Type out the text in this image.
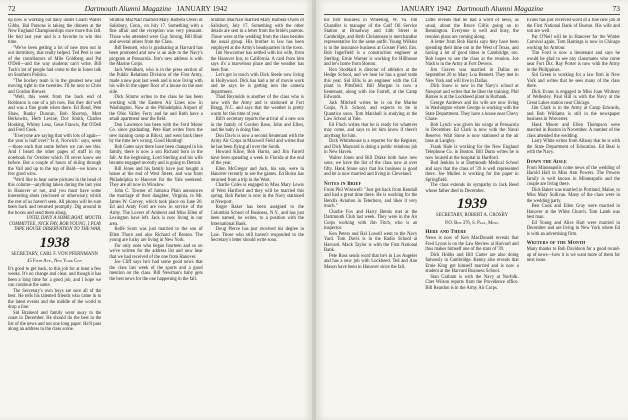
72	Dartmouth Alumni Magazine JANUARY 1942

up now is working out daily under Coach Waller Gibbs. Hal Parsons is taking the dinners at the New England Championships once more this fall. He tied last year and is a favorite to win this time.

"We've been getting a lot of new men out in our dormitory, that really helped. Ted Peel is one of the contributors of Mile Goldberg and Pat O'Dell—and the way students can't write. Bill Tuck's lot of people had come to the in Jones talk on Southern Politics.

"The hockey team is in the greatest new and moving right in the twenties. I'll be next to Chris and Gordon Brewer.

"Well, this week from the back end of Robinson is one of a job now. But they did well and was a fine grade when there. Ed Bond, Pete Shaw, Bunky Duncan, Bob Shorrop, Mort Berkowitz, Herb Levine, Doc Smith, Charles Hosking, Whitey Lenz, Gene Francis, Pat O'Dell and Fred Cook.

"Everyone are saying that with lots of again—the year is half over? 'Is it, Norwich.' says, seem—those each that some before we can see this. And I heard the other pages of stuff in my notebook for October which I'll never know see before. But a couple of hours of skiing through the Vail and up to the top of Bald—we know a few good wins.

"We'd like to hear some pictures in the head of this column—anything taken during the last year in Hanover or not, and you must have some interesting shots (enclosed or otherwise); which the rest of us haven't seen. All photos will be sure been back and returned promptly. Dig around in the boxes and send them along.

UNTIL DAVY A SOME BOAT. MOUTH COMMITTEE, NICK FAY, BOB YOUNG, I PLAY TAPE HOUSE OBSERVATION TO THE WAR.

1938

SECRETARY, CARL F. VON PFERNMANN

45 Fifth Ave., New York City

It's good to get back, to this job for at least a few weeks. It's no change and clear, and though it has been a long time for a good job, and I hope we can continue the same.

The Secretary's own boys are sure all of the best. He tells his talented friends who came in to the latest events and the middle of the world to drop a line.

Sid Brainerd and family went away to the coast in December. He should do the best in the list of the news and not one long paper. He'll pass along an address to the class scene.

Stratton MacNair married Mary Barbera Owen of Salisbury, Conn., on July 17. Something with a fine affair and the reception was very pleasant. Those who attended were Guy Strong, Bill Blair and several others from the Class.

Bill Bennett, who is graduating at Harvard has been promoted and now is an aide in the Navy's program at Pensacola. Jim's new address is with the Marine Corps.

Jack Wendham, who is in the press section of the Public Relations Division of the First Army, made a new post last week and is now living with his wife in the upper floor of a house on the east side.

Dick Simms writes to the class he has been working with the Eastern Air Lines now in Washington. Now at the Philadelphia Airport of the Ohio Valley Ferry and he and Ruth have a small apartment near the field.

Don Lawrence has been with the Ford Motor Co. since graduating. Pete Hart writes from the new training camp at Biloxi, and went back there by the time he's wrong. Good Hunting!

Bob Gates says there have been changed in his family, there is now a son Richard born in the fall. At the beginning, Lord Sterling and his wife became engaged recently and is going to Detroit.

Bill Jones and his family have just bought a house at the end of West Street, and was from Philadelphia to Hanover for the Yale weekend. They are all now in Winslow.

John C. Towner of Jamaica Plain announces the marriage of their daughter, Virginia, to Mr. James W. Garvey, which took place on June 20. Ed and Andy Ford are now in service of the Army. The Lovers of Amherst and Miss Ellen of Lexington have left. Jack is now living in our area.

Rolfe Scott was just married to the son of Ellen Thorn and also Richard of Boston. The young are lucky are living in New York.

For only ones who began fourteen and so on we've written for the address list and now hear that we had received of the one from Hanover.

Joe Cliff says he's had some good news that the class last week of the sports and a good mention on the class. Bill Newman's baby gets the best news for the one happening in the fall.

Stratton MacNair married Mary Barbera Owen of Salisbury, July 17. Something with the other details are sent in a letter from the bride's parents. Those were at the wedding from the class besides the usual group. His brother in law has been employed at the Army's headquarters in the town.

Jim Newcomer has settled with his wife, from the Hanover Inn, to California. A card from him says it's a marvelous place and the weather has been fine.

Let's get in touch with Dick Steele now living in Hollywood. Dick has had a lot of movie work and he says he is getting into the camera department.

Thad Reynolds is another of the class who is now with the Army and is stationed at Fort Bragg, N.C. and says that the weather is pretty warm for this time of year.

Bill's secretary reports the arrival of a new son in the family of Gordon Rose, John and Ellen, and the baby is doing fine.

Don Davis is now a second lieutenant with the Army Air Corps at Maxwell Field and writes that he has been flying all over the South.

Howard Kline, Bob Harris, and Jim Farrell have been spending a week in Florida at the end of the year.

Ellen McGregor and Jack, his son, were in Hanover recently to see the games. Ed Burns has returned from a trip in the West.

Charlie Coles is engaged to Miss Mary Lewis of West Hartford and they will be married this spring. Bob Parker is now in the Navy stationed at Newport.

Roger Baker has been assigned to the Columbia School of Business, N.Y., and has just been named, he writes, to a position with the International Bank.

Doug Pierce has just received his degree in Law. Those who still haven't responded to the Secretary's letter should write soon.

JANUARY 1942 Dartmouth Alumni Magazine	73

his first business in Wheeling, W. Va. Jim Chandler is manager of the Gulf Oil Service Station at Broadway and 34th Street in Cambridge, and Herb Christensen is merchandise representative for the same outfit. Young Wilkins is in the insurance business at Gosner Field. Ens. Bob Ingerfield is a construction engineer at Sterling. Ernie Warner is working for Hillhouse and he's home from Boston.

Ron Stoddard is director of athletics at the Hedge School, and we hear he has a good team this year. Sid Ellis is an engineer with the GE plant in Pittsfield. Bill Morgan is now a lieutenant, along with Joe Farrell, at the Camp Edwards.

Jack Mitchell writes he is on the Marine Corps, N.S. School, and expects to be in Quantico soon. Tom Marshall is studying at the Law School at Yale.

Ed Finch writes that he is ready for whatever may come, and says to let him know if there's anything for him.

Dick Whitehouse is a reporter for the Register, and Dick Maynard is doing a public relations job in New Haven.

Walter Jones and Bill Drake both have new sons; we have the list of the class now at over fifty. Hank Stone says that his business is good and he is now married and living in Cleveland.

Notes in Brief

From Phil Wisewell: "Just got back from Kendall and had a great time there. He is working for the Bendix Aviation in Teterboro, and likes it very much."

Charlie Fox and Harry Bemis met at the Dartmouth Club last week. They were in the Air Corps working with Jim Fitch, who is an inspector.

Ken Peters and Hal Lowell went to the Navy Yard. Tom Davis is in the Radio School at Harvard. Mack Taylor is with the First National Bank.

Pete Ross sends word that he's in Los Angeles and has a new job with Lockheed. Ted and Ann Mason have been in Hanover since the fall.

Little reveals that he had a word of news, as usual, about the Bruce Gillis going on to Bennington. Everyone is well and busy, the reunion plans are coming along.

A letter from Bob Harris says they have been spending their time out in the West of Texas, and having a lot of good times in Cambridge, too. Bob hopes to see the class at the reunion. Joe Nash is in the Army at Fort Devens.

Jim Graves was married in Dallas on September 20 to Mary Lou Bennett. They met in New York and will live in Dallas.

Dick Snow is now in the Navy's school at Newport and writes that he likes the training. Phil Barnes is at the Lockheed plant in Burbank.

George Andrews and his wife are now living in Washington where George is working with the State Department. They have a house near Chevy Chase.

Bob Lynch was given his wings at Pensacola in December. Ed Clark is now with the Naval Reserve. Walt Stone is now stationed at the air base at Langley.

Frank Hale is working for the New England Telephone Co. in Boston. Bill Dunn writes he is now located at the hospital in Hartford.

Bud Jenkins is at Dartmouth Medical School and says that the class of '39 is well represented there. Joe Mullen is working for the paper in Springfield.

The class extends its sympathy to Jack Reed whose father died in December.

1939

SECRETARY, ROBERT A. CROSBY

P.O. Box 376, S. Paul, Minn.

Here and There

News is now of Ken MacDonald reveals that Fred Lyons is on the Law Review at Harvard and thus makes himself one of the stars of '39.

Dick Hobbs and Bill Carter are also doing famously in Cambridge. Kenny also reveals that Ernie King got himself married and is now a student at the Harvard Business School.

Stan Graham is with the Navy at Norfolk. Chet Wilson reports from the Providence office. Bill Reardon is in the Army Air Corps.

Evans has just received word of a fine new job at the First National Bank of Boston. His wife and son are well.

Pat O'Neil will be in Hanover for the Winter Carnival again. Tom Hastings is now in Chicago working for Armour.

Tim Ford is now a lieutenant and says he would be glad to see any classmates who come near Fort Dix. Ray Porter is now with the Army in the Philippines.

Sid Green is working for a law firm in New York and writes that he sees many of the class there.

Dick Evans is engaged to Miss Joan Whitney of Wellesley. Paul Hill is with the Navy at the Great Lakes station near Chicago.

Jim Clark is in the Army at Camp Edwards, and Bob Williams is still in the newspaper business in Worcester.

Hank Moore and Ellen Thompson were married in Boston in November. A number of the class attended the wedding.

Larry White writes from Albany that he is with the State Department of Education. Ed Beal is with the Navy.

Down the Aisle

From Minneapolis come news of the wedding of Harold Hall to Miss Ann Powers. The Powers family is well known in Minneapolis and the couple are living there.

Dick Baker was married in Portland, Maine, to Miss Mary Sullivan. Many of the class were in the wedding party.

Ben Cook and Ellen Gray were married in Hanover at the White Church. Tom Lamb was best man.

Ed Young and Alice Hart were married in December and are living in New York where Ed is with an advertising firm.

Writers of the Month

Many thanks to Bob Davidson for a good round-up of news—how it is we want more of them for next issue.
